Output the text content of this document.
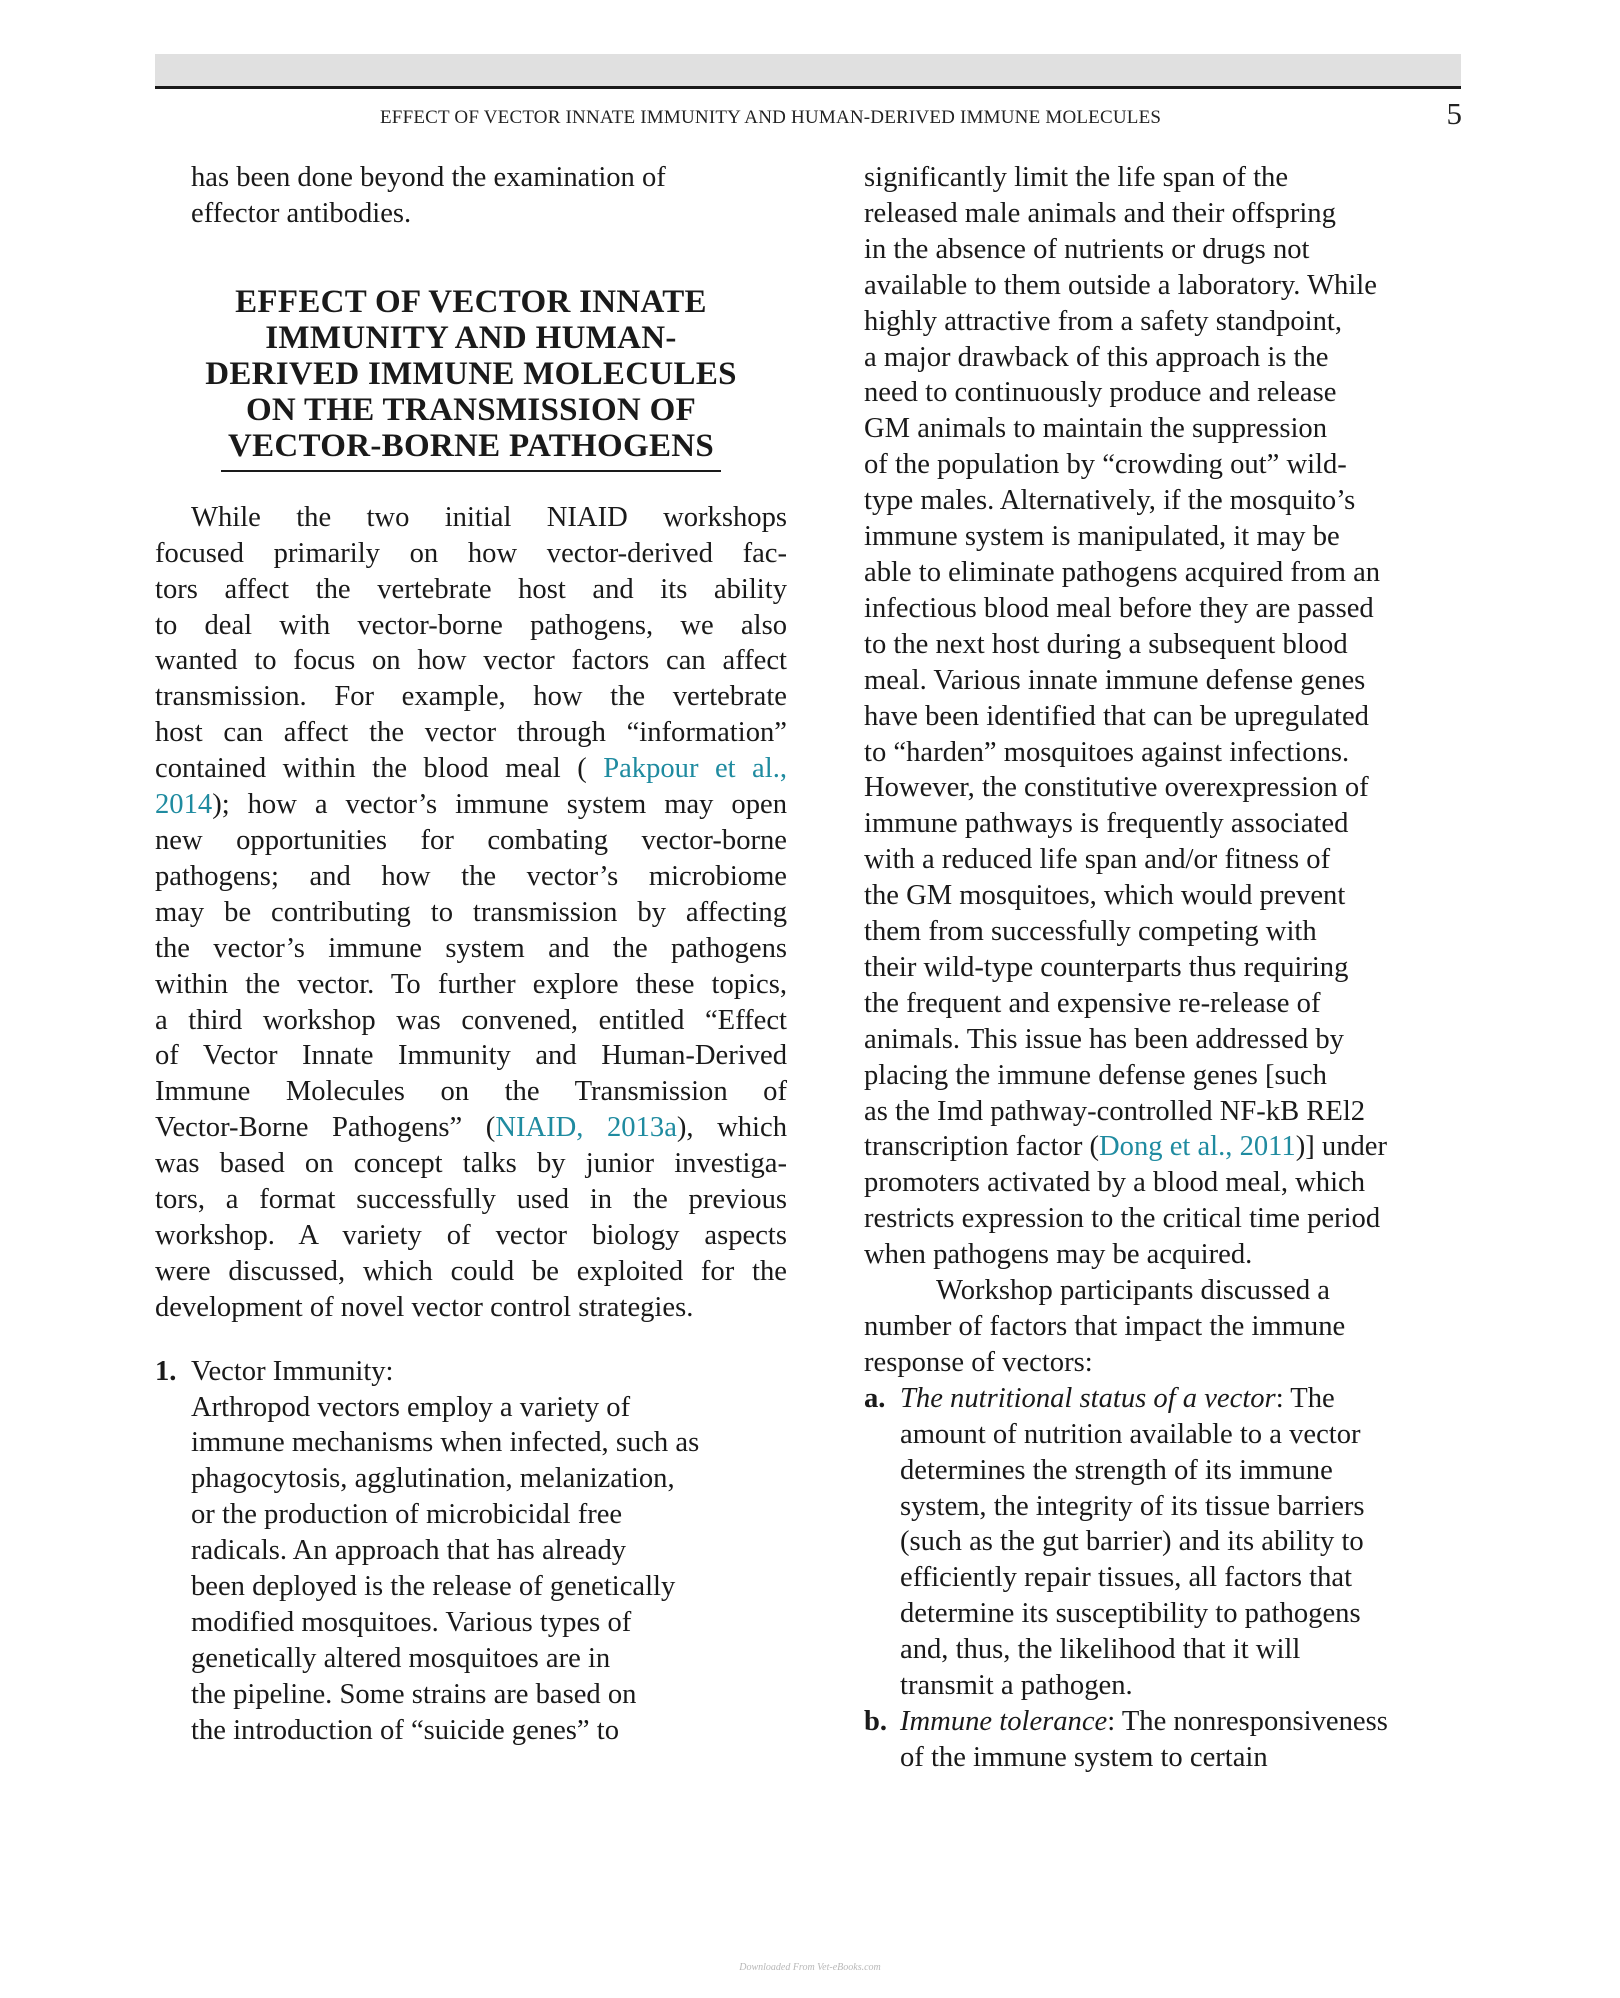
EFFECT OF VECTOR INNATE IMMUNITY AND HUMAN-DERIVED IMMUNE MOLECULES	5
has been done beyond the examination of
effector antibodies.
EFFECT OF VECTOR INNATE
IMMUNITY AND HUMAN-
DERIVED IMMUNE MOLECULES
ON THE TRANSMISSION OF
VECTOR-BORNE PATHOGENS
While the two initial NIAID workshops
focused primarily on how vector-derived fac-
tors affect the vertebrate host and its ability
to deal with vector-borne pathogens, we also
wanted to focus on how vector factors can affect
transmission. For example, how the vertebrate
host can affect the vector through “information”
contained within the blood meal ( Pakpour et al.,
2014); how a vector’s immune system may open
new opportunities for combating vector-borne
pathogens; and how the vector’s microbiome
may be contributing to transmission by affecting
the vector’s immune system and the pathogens
within the vector. To further explore these topics,
a third workshop was convened, entitled “Effect
of Vector Innate Immunity and Human-Derived
Immune Molecules on the Transmission of
Vector-Borne Pathogens” (NIAID, 2013a), which
was based on concept talks by junior investiga-
tors, a format successfully used in the previous
workshop. A variety of vector biology aspects
were discussed, which could be exploited for the
development of novel vector control strategies.
1. Vector Immunity:
Arthropod vectors employ a variety of
immune mechanisms when infected, such as
phagocytosis, agglutination, melanization,
or the production of microbicidal free
radicals. An approach that has already
been deployed is the release of genetically
modified mosquitoes. Various types of
genetically altered mosquitoes are in
the pipeline. Some strains are based on
the introduction of “suicide genes” to
significantly limit the life span of the
released male animals and their offspring
in the absence of nutrients or drugs not
available to them outside a laboratory. While
highly attractive from a safety standpoint,
a major drawback of this approach is the
need to continuously produce and release
GM animals to maintain the suppression
of the population by “crowding out” wild-
type males. Alternatively, if the mosquito’s
immune system is manipulated, it may be
able to eliminate pathogens acquired from an
infectious blood meal before they are passed
to the next host during a subsequent blood
meal. Various innate immune defense genes
have been identified that can be upregulated
to “harden” mosquitoes against infections.
However, the constitutive overexpression of
immune pathways is frequently associated
with a reduced life span and/or fitness of
the GM mosquitoes, which would prevent
them from successfully competing with
their wild-type counterparts thus requiring
the frequent and expensive re-release of
animals. This issue has been addressed by
placing the immune defense genes [such
as the Imd pathway-controlled NF-kB REl2
transcription factor (Dong et al., 2011)] under
promoters activated by a blood meal, which
restricts expression to the critical time period
when pathogens may be acquired.
Workshop participants discussed a
number of factors that impact the immune
response of vectors:
a. The nutritional status of a vector: The
amount of nutrition available to a vector
determines the strength of its immune
system, the integrity of its tissue barriers
(such as the gut barrier) and its ability to
efficiently repair tissues, all factors that
determine its susceptibility to pathogens
and, thus, the likelihood that it will
transmit a pathogen.
b. Immune tolerance: The nonresponsiveness
of the immune system to certain
Downloaded From Vet-eBooks.com
